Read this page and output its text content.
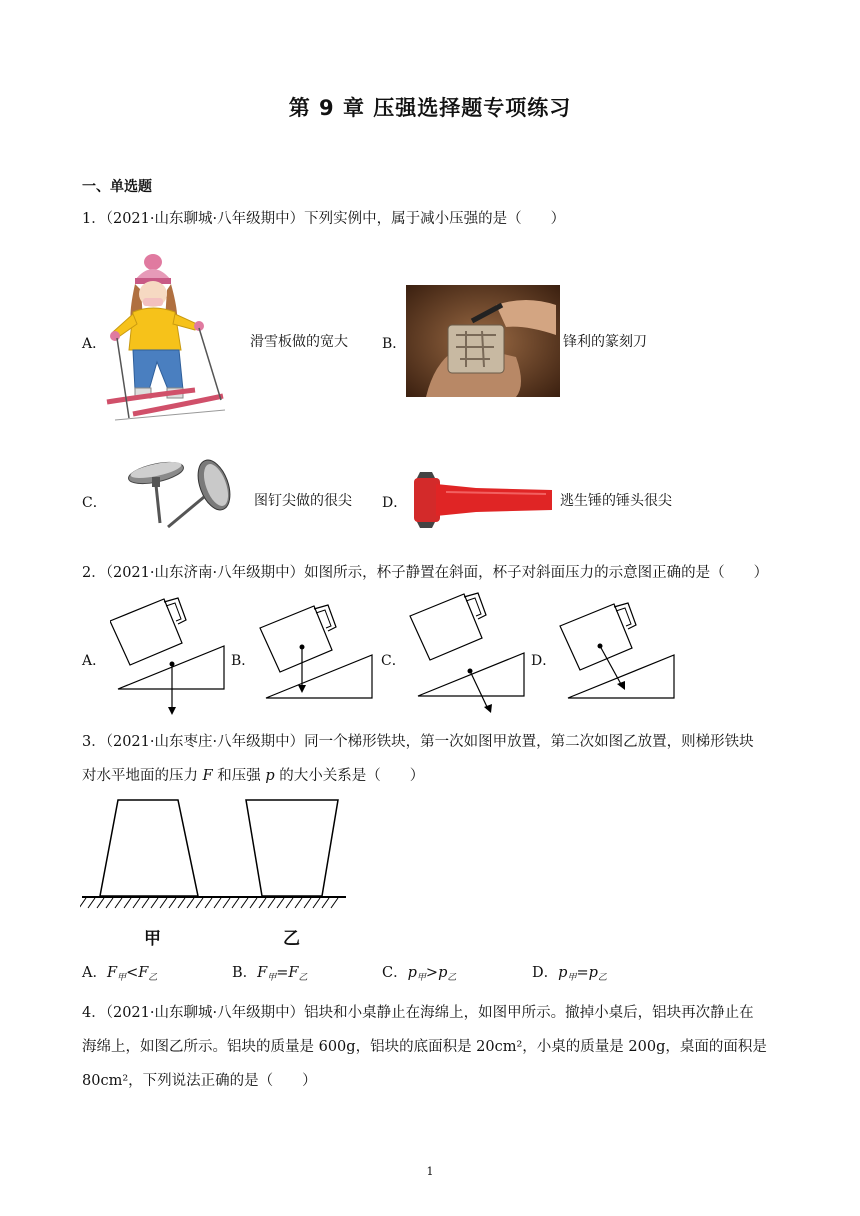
第 9 章 压强选择题专项练习
一、单选题
1．（2021·山东聊城·八年级期中）下列实例中，属于减小压强的是（　　）
A．	滑雪板做的宽大 B．	锋利的篆刻刀
C．	图钉尖做的很尖 D．	逃生锤的锤头很尖
2．（2021·山东济南·八年级期中）如图所示，杯子静置在斜面，杯子对斜面压力的示意图正确的是（　　）
A．	B．	C．	D．
3．（2021·山东枣庄·八年级期中）同一个梯形铁块，第一次如图甲放置，第二次如图乙放置，则梯形铁块
对水平地面的压力 F 和压强 p 的大小关系是（　　）
甲	乙
A．$F_甲<F_乙$	B．$F_甲=F_乙$	C．$p_甲>p_乙$	D．$p_甲=p_乙$
4．（2021·山东聊城·八年级期中）铝块和小桌静止在海绵上，如图甲所示。撤掉小桌后，铝块再次静止在
海绵上，如图乙所示。铝块的质量是 600g，铝块的底面积是 20cm²，小桌的质量是 200g，桌面的面积是
80cm²，下列说法正确的是（　　）
1
